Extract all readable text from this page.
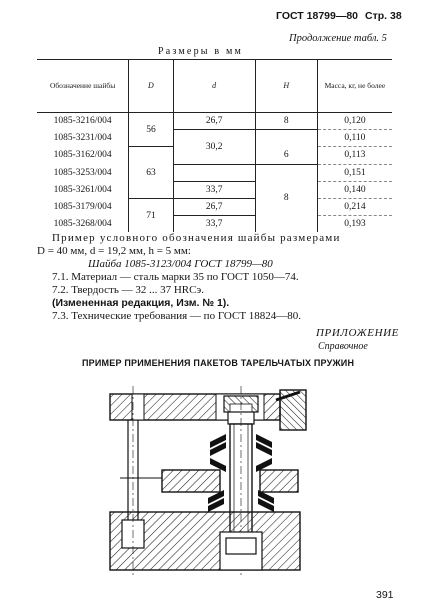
ГОСТ 18799—80 Стр. 38
Продолжение табл. 5
Размеры в мм
Обозначение шайбы	D	d	H	Масса, кг, не более
1085-3216/004	56	26,7	8	0,120
1085-3231/004		30,2		0,110
1085-3162/004	63		6	0,113
1085-3253/004			8	0,151
1085-3261/004		33,7		0,140
1085-3179/004	71	26,7		0,214
1085-3268/004		33,7		0,193
Пример условного обозначения шайбы размерами
D = 40 мм, d = 19,2 мм, h = 5 мм:
Шайба 1085-3123/004 ГОСТ 18799—80
7.1. Материал — сталь марки 35 по ГОСТ 1050—74.
7.2. Твердость — 32 ... 37 HRCэ.
(Измененная редакция, Изм. № 1).
7.3. Технические требования — по ГОСТ 18824—80.
ПРИЛОЖЕНИЕ
Справочное
ПРИМЕР ПРИМЕНЕНИЯ ПАКЕТОВ ТАРЕЛЬЧАТЫХ ПРУЖИН
391
